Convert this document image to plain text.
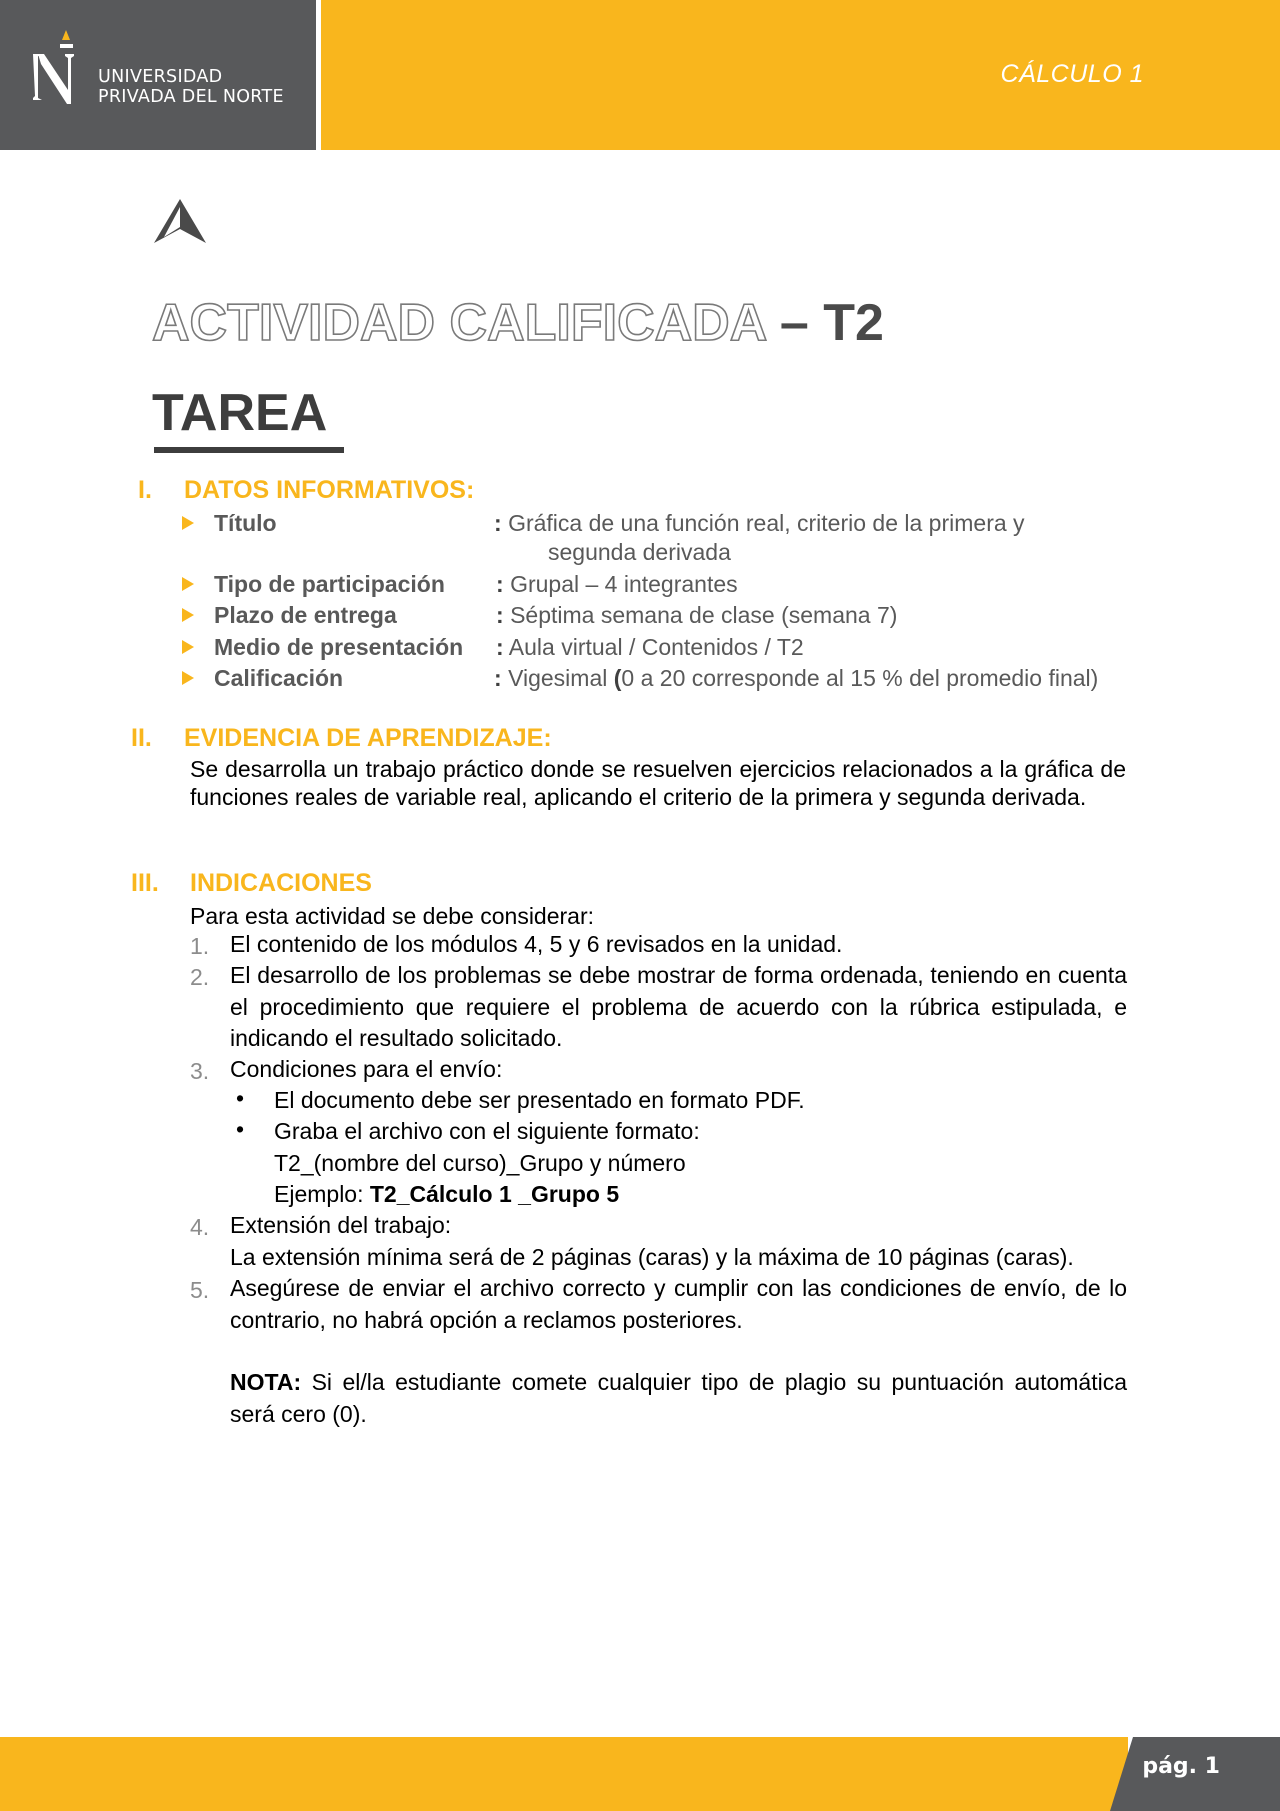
UNIVERSIDAD
PRIVADA DEL NORTE
CÁLCULO 1
ACTIVIDAD CALIFICADA – T2
TAREA
I. DATOS INFORMATIVOS:
Título	: Gráfica de una función real, criterio de la primera y
segunda derivada
Tipo de participación : Grupal – 4 integrantes
Plazo de entrega	: Séptima semana de clase (semana 7)
Medio de presentación : Aula virtual / Contenidos / T2
Calificación	: Vigesimal (0 a 20 corresponde al 15 % del promedio final)
II. EVIDENCIA DE APRENDIZAJE:
Se desarrolla un trabajo práctico donde se resuelven ejercicios relacionados a la gráfica de funciones reales de variable real, aplicando el criterio de la primera y segunda derivada.
III. INDICACIONES
Para esta actividad se debe considerar:
1. El contenido de los módulos 4, 5 y 6 revisados en la unidad.
2. El desarrollo de los problemas se debe mostrar de forma ordenada, teniendo en cuenta el procedimiento que requiere el problema de acuerdo con la rúbrica estipulada, e indicando el resultado solicitado.
3. Condiciones para el envío:
• El documento debe ser presentado en formato PDF.
• Graba el archivo con el siguiente formato:
T2_(nombre del curso)_Grupo y número
Ejemplo: T2_Cálculo 1 _Grupo 5
4. Extensión del trabajo:
La extensión mínima será de 2 páginas (caras) y la máxima de 10 páginas (caras).
5. Asegúrese de enviar el archivo correcto y cumplir con las condiciones de envío, de lo contrario, no habrá opción a reclamos posteriores.
NOTA: Si el/la estudiante comete cualquier tipo de plagio su puntuación automática será cero (0).
pág. 1
